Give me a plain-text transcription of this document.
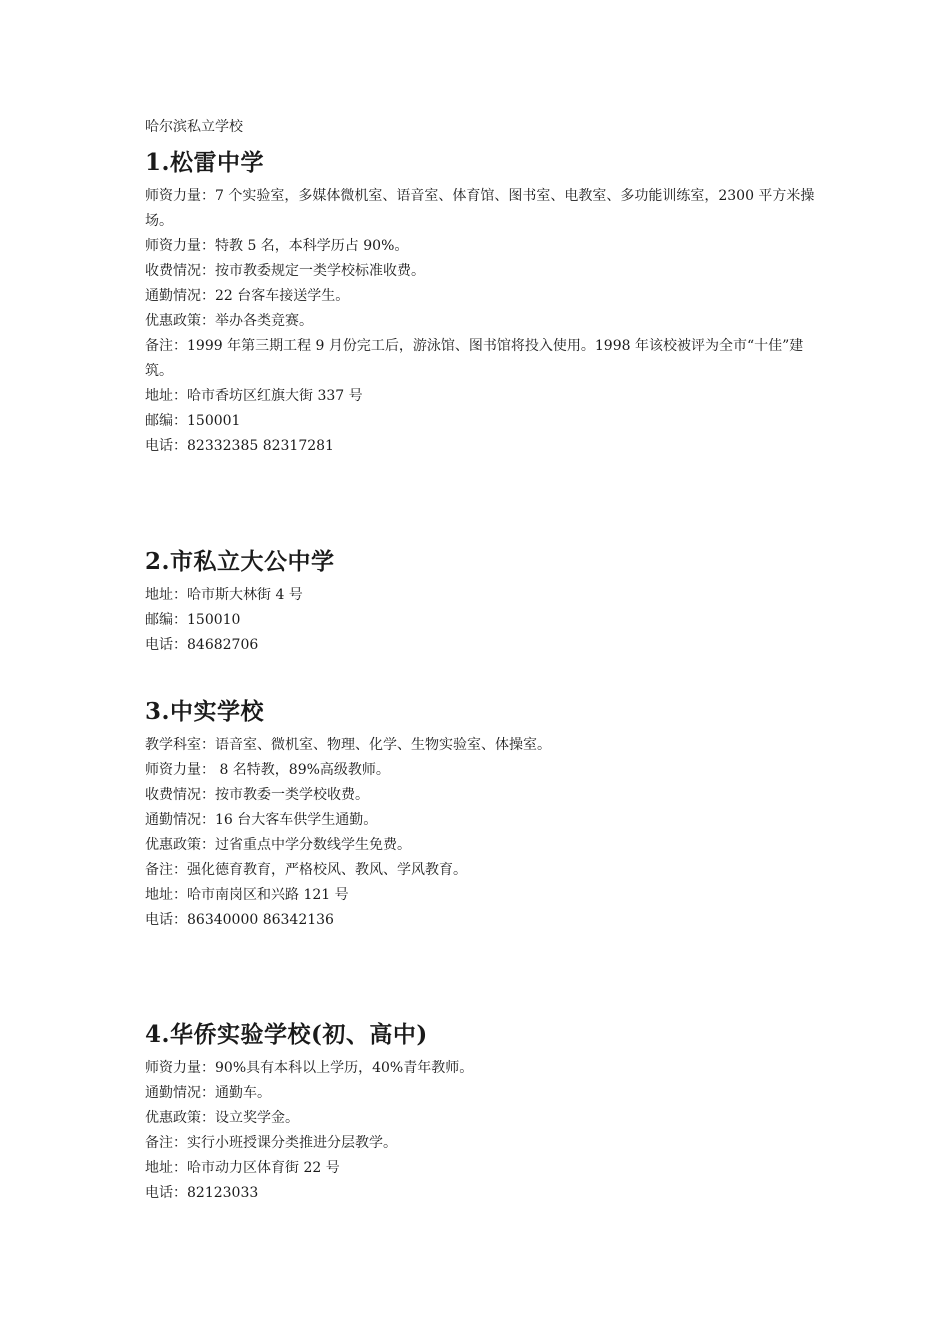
哈尔滨私立学校
1.松雷中学
师资力量：7 个实验室，多媒体微机室、语音室、体育馆、图书室、电教室、多功能训练室，2300 平方米操场。
师资力量：特教 5 名，本科学历占 90%。
收费情况：按市教委规定一类学校标准收费。
通勤情况：22 台客车接送学生。
优惠政策：举办各类竞赛。
备注：1999 年第三期工程 9 月份完工后，游泳馆、图书馆将投入使用。1998 年该校被评为全市“十佳”建筑。
地址：哈市香坊区红旗大街 337 号
邮编：150001
电话：82332385 82317281
2.市私立大公中学
地址：哈市斯大林街 4 号
邮编：150010
电话：84682706
3.中实学校
教学科室：语音室、微机室、物理、化学、生物实验室、体操室。
师资力量： 8 名特教，89%高级教师。
收费情况：按市教委一类学校收费。
通勤情况：16 台大客车供学生通勤。
优惠政策：过省重点中学分数线学生免费。
备注：强化德育教育，严格校风、教风、学风教育。
地址：哈市南岗区和兴路 121 号
电话：86340000 86342136
4.华侨实验学校(初、高中)
师资力量：90%具有本科以上学历，40%青年教师。
通勤情况：通勤车。
优惠政策：设立奖学金。
备注：实行小班授课分类推进分层教学。
地址：哈市动力区体育街 22 号
电话：82123033
